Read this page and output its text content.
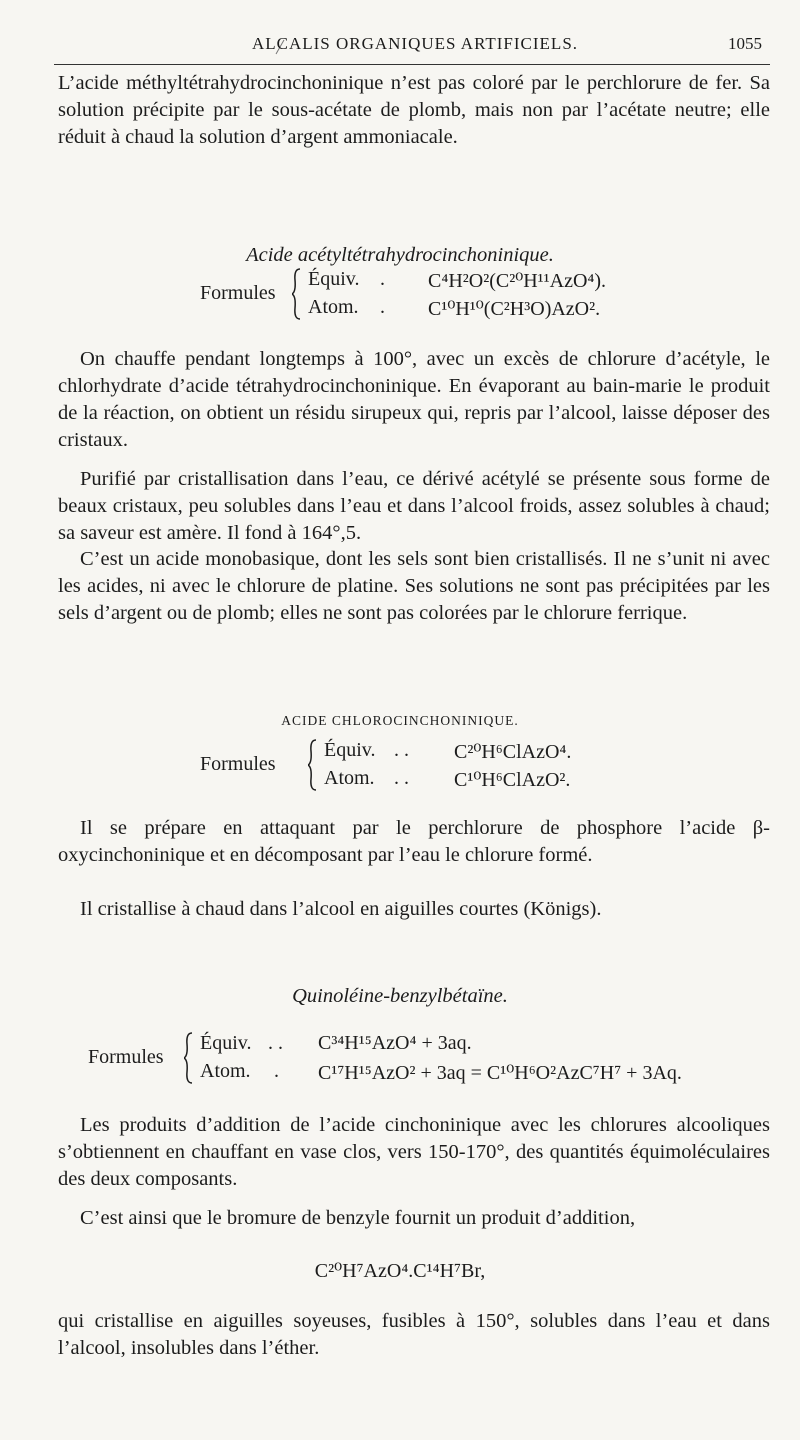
ALCALIS ORGANIQUES ARTIFICIELS.	1055

L’acide méthyltétrahydrocinchoninique n’est pas coloré par le perchlorure de fer. Sa solution précipite par le sous-acétate de plomb, mais non par l’acétate neutre; elle réduit à chaud la solution d’argent ammoniacale.

Acide acétyltétrahydrocinchoninique.
Formules
Équiv. . C⁴H²O²(C²⁰H¹¹AzO⁴).
Atom. . C¹⁰H¹⁰(C²H³O)AzO².

On chauffe pendant longtemps à 100°, avec un excès de chlorure d’acétyle, le chlorhydrate d’acide tétrahydrocinchoninique. En évaporant au bain-marie le produit de la réaction, on obtient un résidu sirupeux qui, repris par l’alcool, laisse déposer des cristaux.

Purifié par cristallisation dans l’eau, ce dérivé acétylé se présente sous forme de beaux cristaux, peu solubles dans l’eau et dans l’alcool froids, assez solubles à chaud; sa saveur est amère. Il fond à 164°,5.

C’est un acide monobasique, dont les sels sont bien cristallisés. Il ne s’unit ni avec les acides, ni avec le chlorure de platine. Ses solutions ne sont pas précipitées par les sels d’argent ou de plomb; elles ne sont pas colorées par le chlorure ferrique.

ACIDE CHLOROCINCHONINIQUE.
Formules
Équiv. . . C²⁰H⁶ClAzO⁴.
Atom. . . C¹⁰H⁶ClAzO².

Il se prépare en attaquant par le perchlorure de phosphore l’acide β-oxycinchoninique et en décomposant par l’eau le chlorure formé.

Il cristallise à chaud dans l’alcool en aiguilles courtes (Königs).

Quinoléine-benzylbétaïne.
Formules
Équiv. . . C³⁴H¹⁵AzO⁴ + 3aq.
Atom. . C¹⁷H¹⁵AzO² + 3aq = C¹⁰H⁶O²AzC⁷H⁷ + 3Aq.

Les produits d’addition de l’acide cinchoninique avec les chlorures alcooliques s’obtiennent en chauffant en vase clos, vers 150-170°, des quantités équimoléculaires des deux composants.

C’est ainsi que le bromure de benzyle fournit un produit d’addition,

C²⁰H⁷AzO⁴.C¹⁴H⁷Br,

qui cristallise en aiguilles soyeuses, fusibles à 150°, solubles dans l’eau et dans l’alcool, insolubles dans l’éther.
